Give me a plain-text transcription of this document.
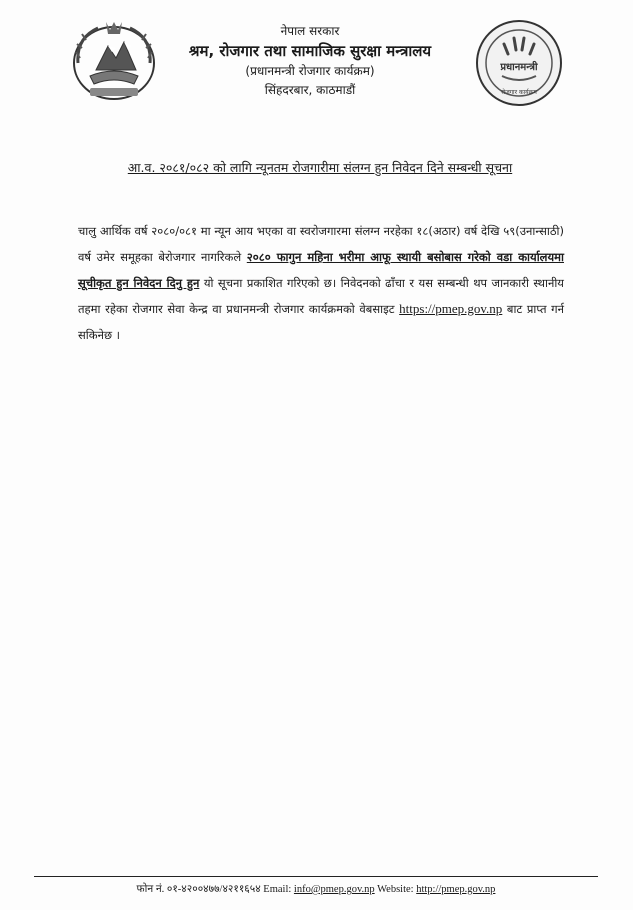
नेपाल सरकार
श्रम, रोजगार तथा सामाजिक सुरक्षा मन्त्रालय
(प्रधानमन्त्री रोजगार कार्यक्रम)
सिंहदरबार, काठमाडौं
प्रधानमन्त्री
रोजगार कार्यक्रम
आ.व. २०८१/०८२ को लागि न्यूनतम रोजगारीमा संलग्न हुन निवेदन दिने सम्बन्धी सूचना
चालु आर्थिक वर्ष २०८०/०८१ मा न्यून आय भएका वा स्वरोजगारमा संलग्न नरहेका १८(अठार) वर्ष देखि ५९(उनान्साठी) वर्ष उमेर समूहका बेरोजगार नागरिकले २०८० फागुन महिना भरीमा आफू स्थायी बसोबास गरेको वडा कार्यालयमा सूचीकृत हुन निवेदन दिनु हुन यो सूचना प्रकाशित गरिएको छ। निवेदनको ढाँचा र यस सम्बन्धी थप जानकारी स्थानीय तहमा रहेका रोजगार सेवा केन्द्र वा प्रधानमन्त्री रोजगार कार्यक्रमको वेबसाइट https://pmep.gov.np बाट प्राप्त गर्न सकिनेछ ।
फोन नं. ०१-४२००४७७/४२११६५४ Email: info@pmep.gov.np Website: http://pmep.gov.np
